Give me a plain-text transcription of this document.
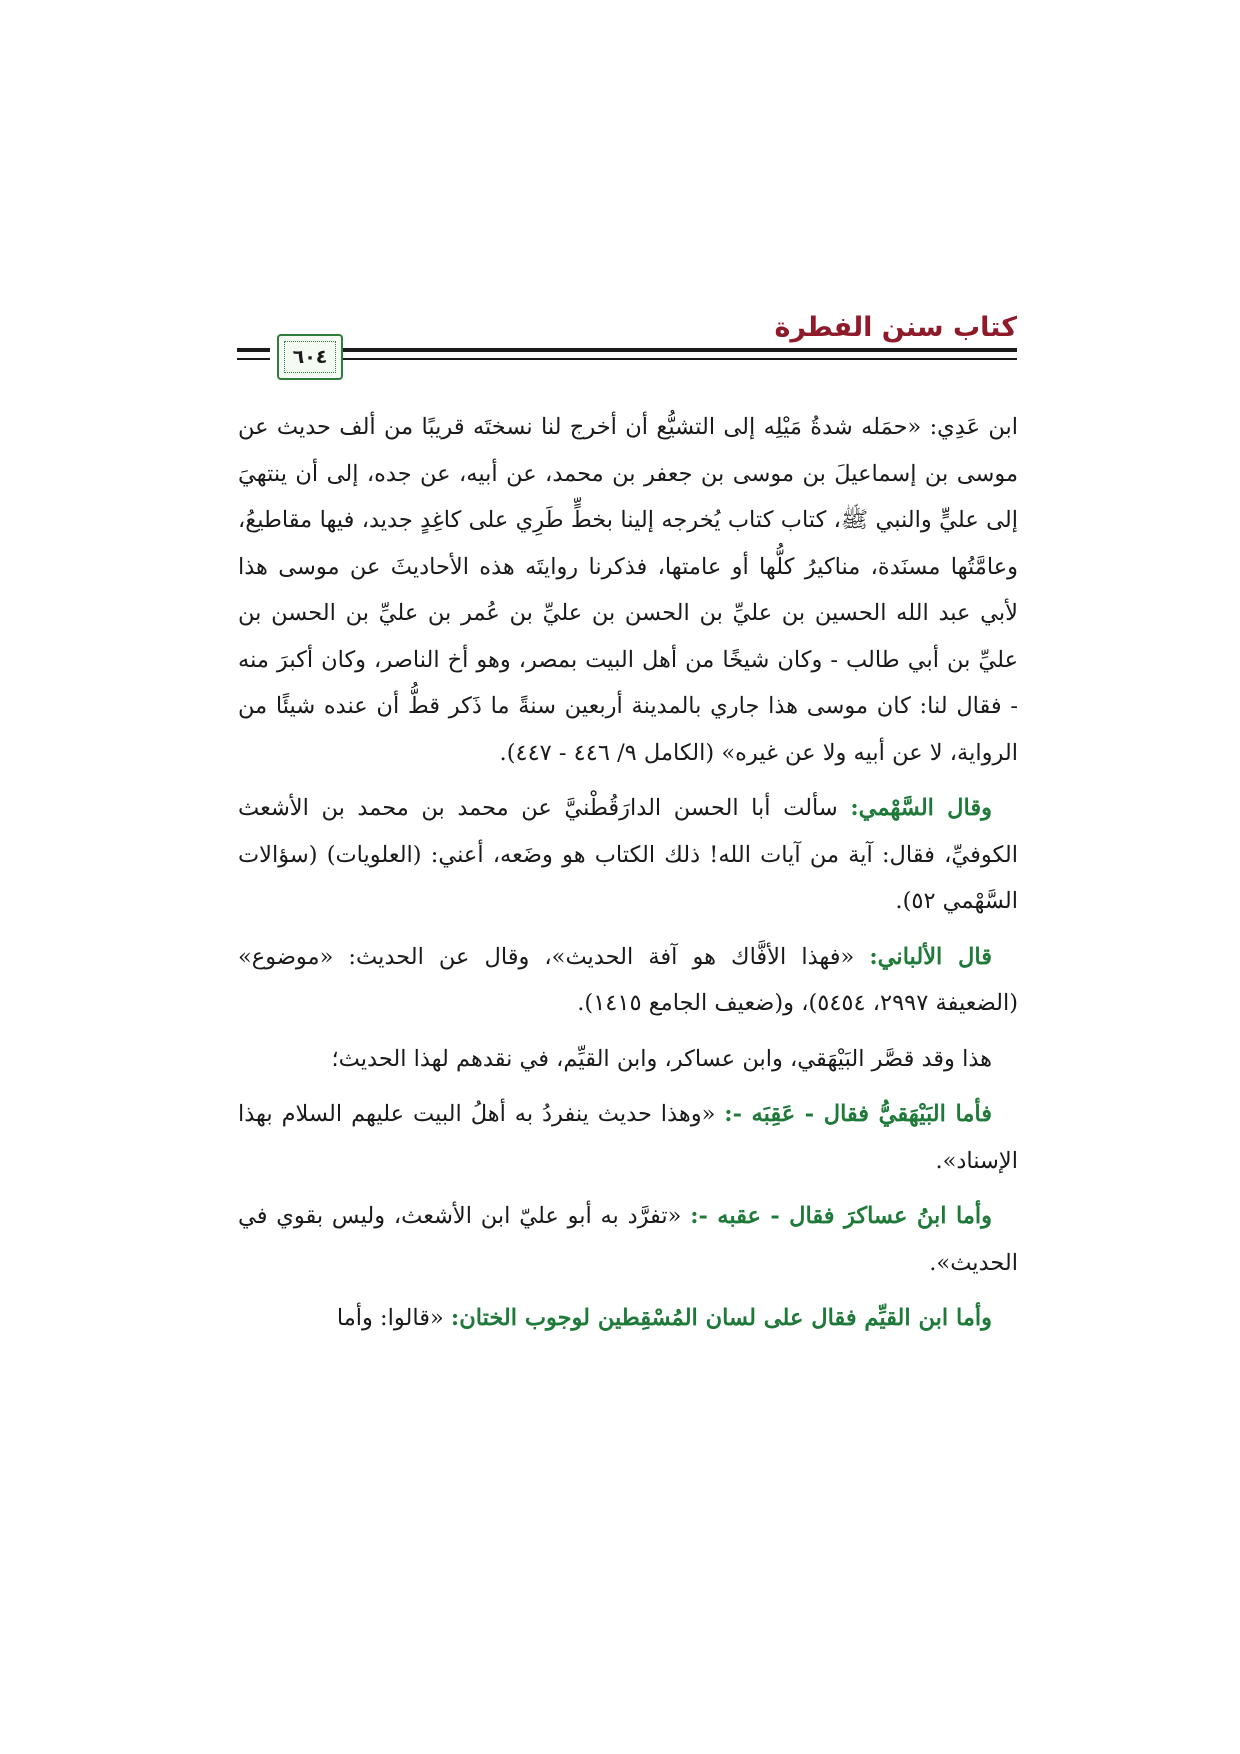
كتاب سنن الفطرة
٦٠٤

ابن عَدِي: «حمَله شدةُ مَيْلِه إلى التشيُّع أن أخرج لنا نسختَه قريبًا من ألف حديث عن موسى بن إسماعيلَ بن موسى بن جعفر بن محمد، عن أبيه، عن جده، إلى أن ينتهيَ إلى عليٍّ والنبي ﷺ، كتاب كتاب يُخرجه إلينا بخطٍّ طَرِي على كاغِدٍ جديد، فيها مقاطيعُ، وعامَّتُها مسنَدة، مناكيرُ كلُّها أو عامتها، فذكرنا روايتَه هذه الأحاديثَ عن موسى هذا لأبي عبد الله الحسين بن عليِّ بن الحسن بن عليِّ بن عُمر بن عليِّ بن الحسن بن عليِّ بن أبي طالب - وكان شيخًا من أهل البيت بمصر، وهو أخ الناصر، وكان أكبرَ منه - فقال لنا: كان موسى هذا جاري بالمدينة أربعين سنةً ما ذَكر قطُّ أن عنده شيئًا من الرواية، لا عن أبيه ولا عن غيره» (الكامل ٩/ ٤٤٦ - ٤٤٧).

وقال السَّهْمي: سألت أبا الحسن الدارَقُطْنيَّ عن محمد بن محمد بن الأشعث الكوفيِّ، فقال: آية من آيات الله! ذلك الكتاب هو وضَعه، أعني: (العلويات) (سؤالات السَّهْمي ٥٢).

قال الألباني: «فهذا الأفَّاك هو آفة الحديث»، وقال عن الحديث: «موضوع» (الضعيفة ٢٩٩٧، ٥٤٥٤)، و(ضعيف الجامع ١٤١٥).

هذا وقد قصَّر البَيْهَقي، وابن عساكر، وابن القيِّم، في نقدهم لهذا الحديث؛

فأما البَيْهَقيُّ فقال - عَقِبَه -: «وهذا حديث ينفردُ به أهلُ البيت عليهم السلام بهذا الإسناد».

وأما ابنُ عساكرَ فقال - عقبه -: «تفرَّد به أبو عليّ ابن الأشعث، وليس بقوي في الحديث».

وأما ابن القيِّم فقال على لسان المُسْقِطين لوجوب الختان: «قالوا: وأما
